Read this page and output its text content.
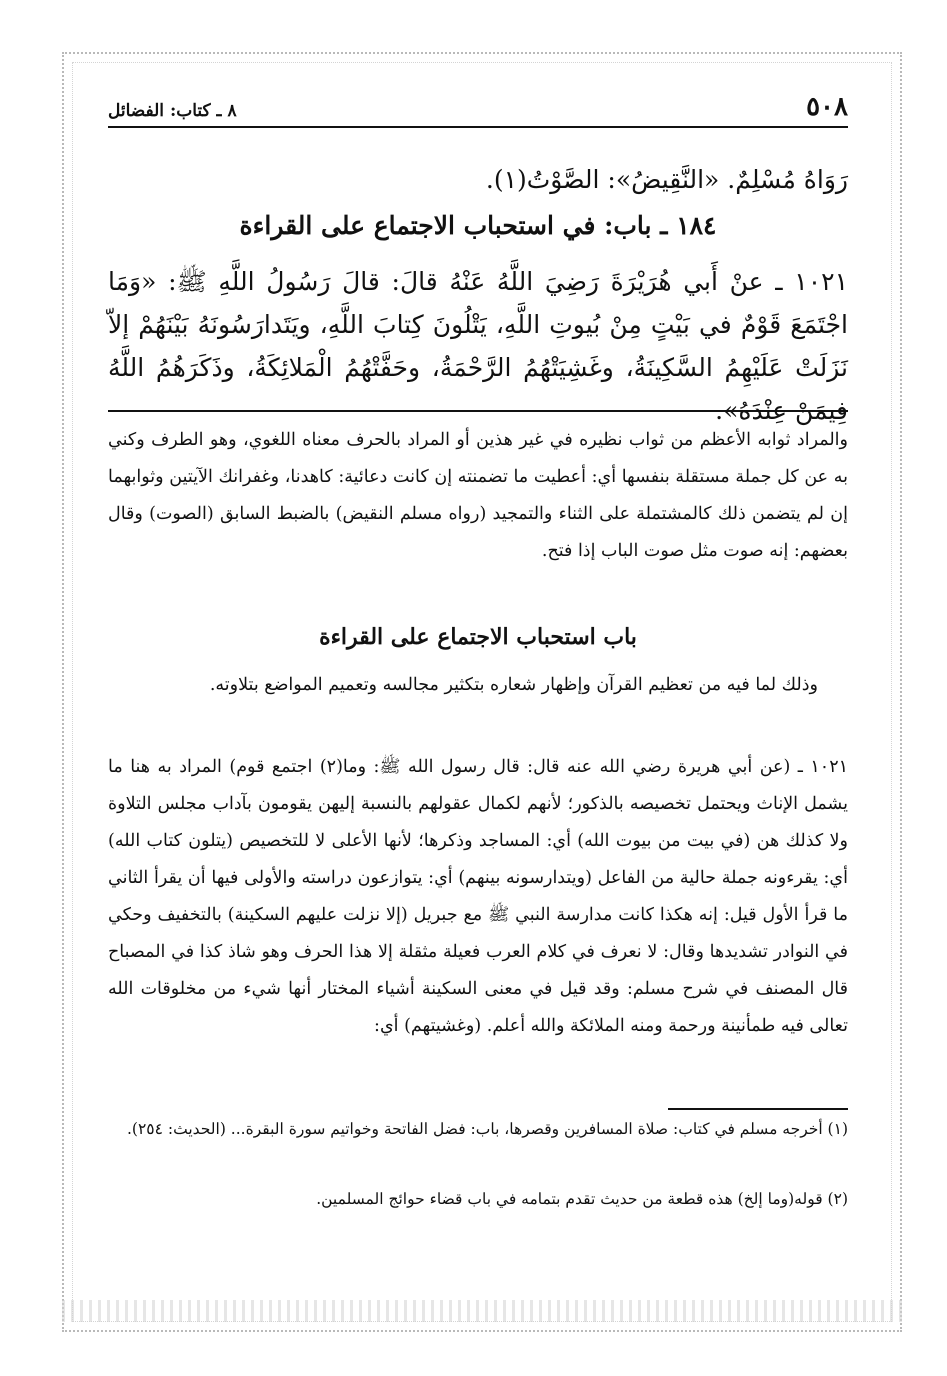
٥٠٨
٨ ـ كتاب: الفضائل

رَوَاهُ مُسْلِمٌ. «النَّقِيضُ»: الصَّوْتُ(١).

١٨٤ ـ باب: في استحباب الاجتماع على القراءة

١٠٢١ ـ عنْ أَبي هُرَيْرَةَ رَضِيَ اللَّهُ عَنْهُ قالَ: قالَ رَسُولُ اللَّهِ ﷺ: «وَمَا اجْتَمَعَ قَوْمٌ في بَيْتٍ مِنْ بُيوتِ اللَّهِ، يَتْلُونَ كِتابَ اللَّهِ، ويَتَدارَسُونَهُ بَيْنَهُمْ إلاّ نَزَلَتْ عَلَيْهِمُ السَّكِينَةُ، وغَشِيَتْهُمُ الرَّحْمَةُ، وحَفَّتْهُمُ الْمَلائِكَةُ، وذَكَرَهُمُ اللَّهُ فِيمَنْ عِنْدَهُ».

والمراد ثوابه الأعظم من ثواب نظيره في غير هذين أو المراد بالحرف معناه اللغوي، وهو الطرف وكني به عن كل جملة مستقلة بنفسها أي: أعطيت ما تضمنته إن كانت دعائية: كاهدنا، وغفرانك الآيتين وثوابهما إن لم يتضمن ذلك كالمشتملة على الثناء والتمجيد (رواه مسلم النقيض) بالضبط السابق (الصوت) وقال بعضهم: إنه صوت مثل صوت الباب إذا فتح.

باب استحباب الاجتماع على القراءة

وذلك لما فيه من تعظيم القرآن وإظهار شعاره بتكثير مجالسه وتعميم المواضع بتلاوته.

١٠٢١ ـ (عن أبي هريرة رضي الله عنه قال: قال رسول الله ﷺ: وما(٢) اجتمع قوم) المراد به هنا ما يشمل الإناث ويحتمل تخصيصه بالذكور؛ لأنهم لكمال عقولهم بالنسبة إليهن يقومون بآداب مجلس التلاوة ولا كذلك هن (في بيت من بيوت الله) أي: المساجد وذكرها؛ لأنها الأعلى لا للتخصيص (يتلون كتاب الله) أي: يقرءونه جملة حالية من الفاعل (ويتدارسونه بينهم) أي: يتوازعون دراسته والأولى فيها أن يقرأ الثاني ما قرأ الأول قيل: إنه هكذا كانت مدارسة النبي ﷺ مع جبريل (إلا نزلت عليهم السكينة) بالتخفيف وحكي في النوادر تشديدها وقال: لا نعرف في كلام العرب فعيلة مثقلة إلا هذا الحرف وهو شاذ كذا في المصباح قال المصنف في شرح مسلم: وقد قيل في معنى السكينة أشياء المختار أنها شيء من مخلوقات الله تعالى فيه طمأنينة ورحمة ومنه الملائكة والله أعلم. (وغشيتهم) أي:

(١) أخرجه مسلم في كتاب: صلاة المسافرين وقصرها، باب: فضل الفاتحة وخواتيم سورة البقرة... (الحديث: ٢٥٤).

(٢) قوله(وما إلخ) هذه قطعة من حديث تقدم بتمامه في باب قضاء حوائج المسلمين.
